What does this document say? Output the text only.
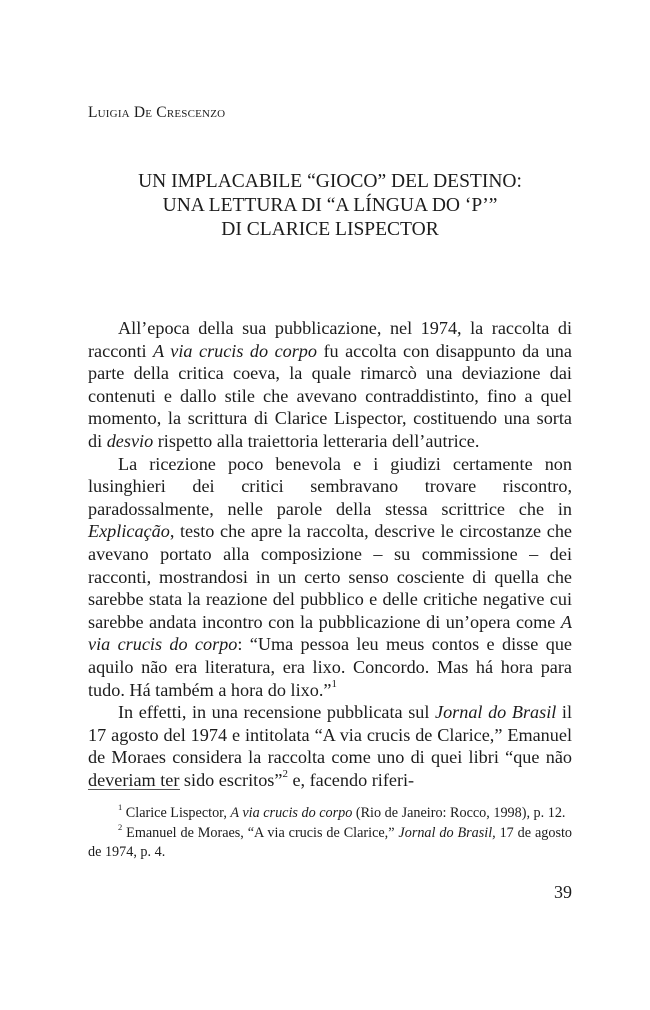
Luigia De Crescenzo

UN IMPLACABILE “GIOCO” DEL DESTINO:
UNA LETTURA DI “A LÍNGUA DO ‘P’”
DI CLARICE LISPECTOR

All’epoca della sua pubblicazione, nel 1974, la raccolta di racconti A via crucis do corpo fu accolta con disappunto da una parte della critica coeva, la quale rimarcò una deviazione dai contenuti e dallo stile che avevano contraddistinto, fino a quel momento, la scrittura di Clarice Lispector, costituendo una sorta di desvio rispetto alla traiettoria letteraria dell’autrice.

La ricezione poco benevola e i giudizi certamente non lusinghieri dei critici sembravano trovare riscontro, paradossalmente, nelle parole della stessa scrittrice che in Explicação, testo che apre la raccolta, descrive le circostanze che avevano portato alla composizione – su commissione – dei racconti, mostrandosi in un certo senso cosciente di quella che sarebbe stata la reazione del pubblico e delle critiche negative cui sarebbe andata incontro con la pubblicazione di un’opera come A via crucis do corpo: “Uma pessoa leu meus contos e disse que aquilo não era literatura, era lixo. Concordo. Mas há hora para tudo. Há também a hora do lixo.”$^1$

In effetti, in una recensione pubblicata sul Jornal do Brasil il 17 agosto del 1974 e intitolata “A via crucis de Clarice,” Emanuel de Moraes considera la raccolta come uno di quei libri “que não deveriam ter sido escritos”$^2$ e, facendo riferi-

$^1$ Clarice Lispector, A via crucis do corpo (Rio de Janeiro: Rocco, 1998), p. 12.

$^2$ Emanuel de Moraes, “A via crucis de Clarice,” Jornal do Brasil, 17 de agosto de 1974, p. 4.

39
